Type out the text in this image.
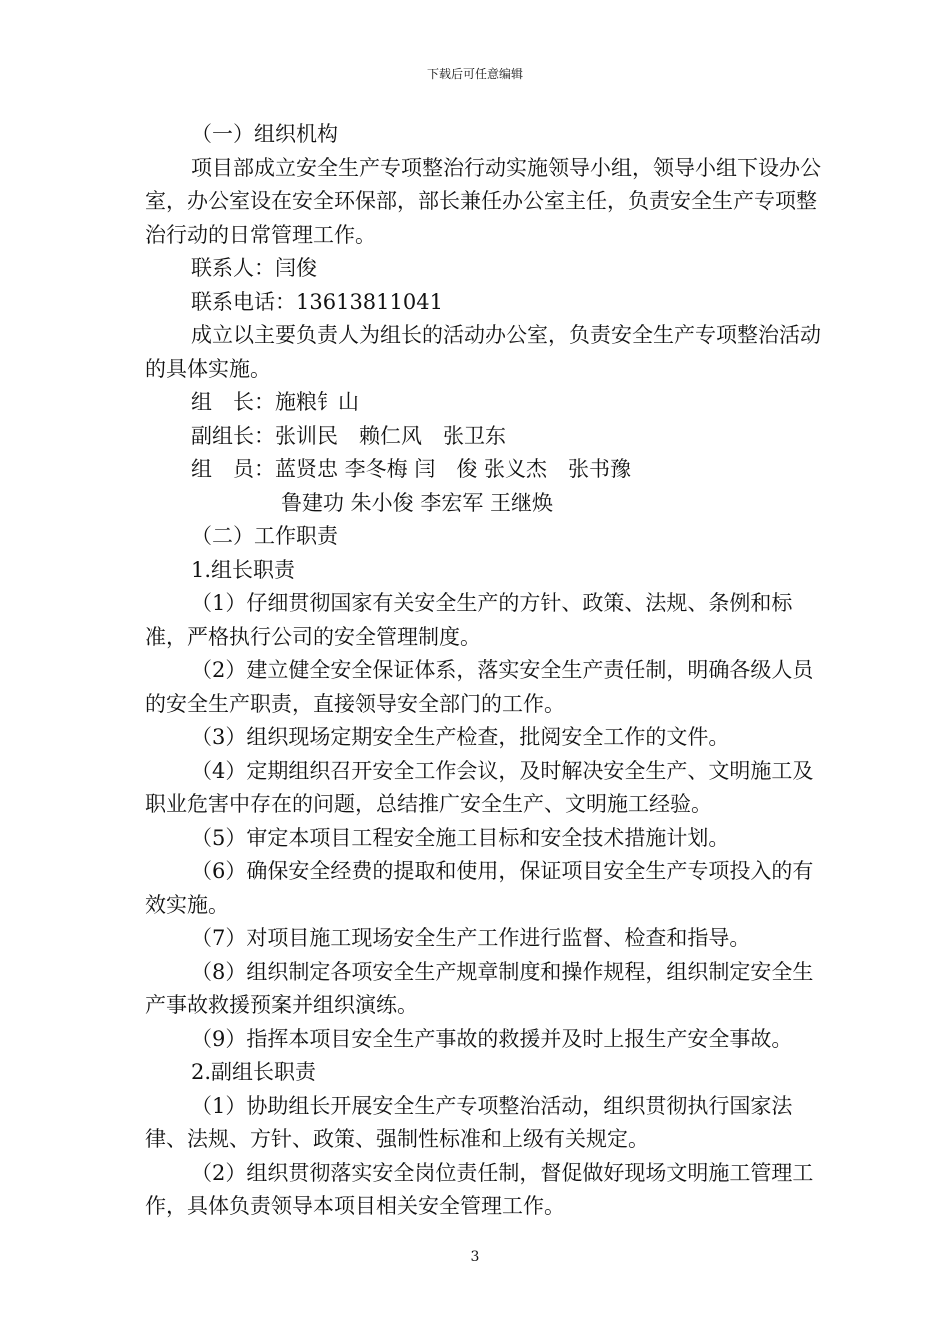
下载后可任意编辑

（一）组织机构

项目部成立安全生产专项整治行动实施领导小组，领导小组下设办公室，办公室设在安全环保部，部长兼任办公室主任，负责安全生产专项整治行动的日常管理工作。

联系人：闫俊

联系电话：13613811041

成立以主要负责人为组长的活动办公室，负责安全生产专项整治活动的具体实施。

组　长：施粮钅山

副组长：张训民　赖仁风　张卫东

组　员：蓝贤忠 李冬梅 闫　俊 张义杰　张书豫

鲁建功 朱小俊 李宏军 王继焕

（二）工作职责

1.组长职责

（1）仔细贯彻国家有关安全生产的方针、政策、法规、条例和标准，严格执行公司的安全管理制度。

（2）建立健全安全保证体系，落实安全生产责任制，明确各级人员的安全生产职责，直接领导安全部门的工作。

（3）组织现场定期安全生产检查，批阅安全工作的文件。

（4）定期组织召开安全工作会议，及时解决安全生产、文明施工及职业危害中存在的问题，总结推广安全生产、文明施工经验。

（5）审定本项目工程安全施工目标和安全技术措施计划。

（6）确保安全经费的提取和使用，保证项目安全生产专项投入的有效实施。

（7）对项目施工现场安全生产工作进行监督、检查和指导。

（8）组织制定各项安全生产规章制度和操作规程，组织制定安全生产事故救援预案并组织演练。

（9）指挥本项目安全生产事故的救援并及时上报生产安全事故。

2.副组长职责

（1）协助组长开展安全生产专项整治活动，组织贯彻执行国家法律、法规、方针、政策、强制性标准和上级有关规定。

（2）组织贯彻落实安全岗位责任制，督促做好现场文明施工管理工作，具体负责领导本项目相关安全管理工作。

3
